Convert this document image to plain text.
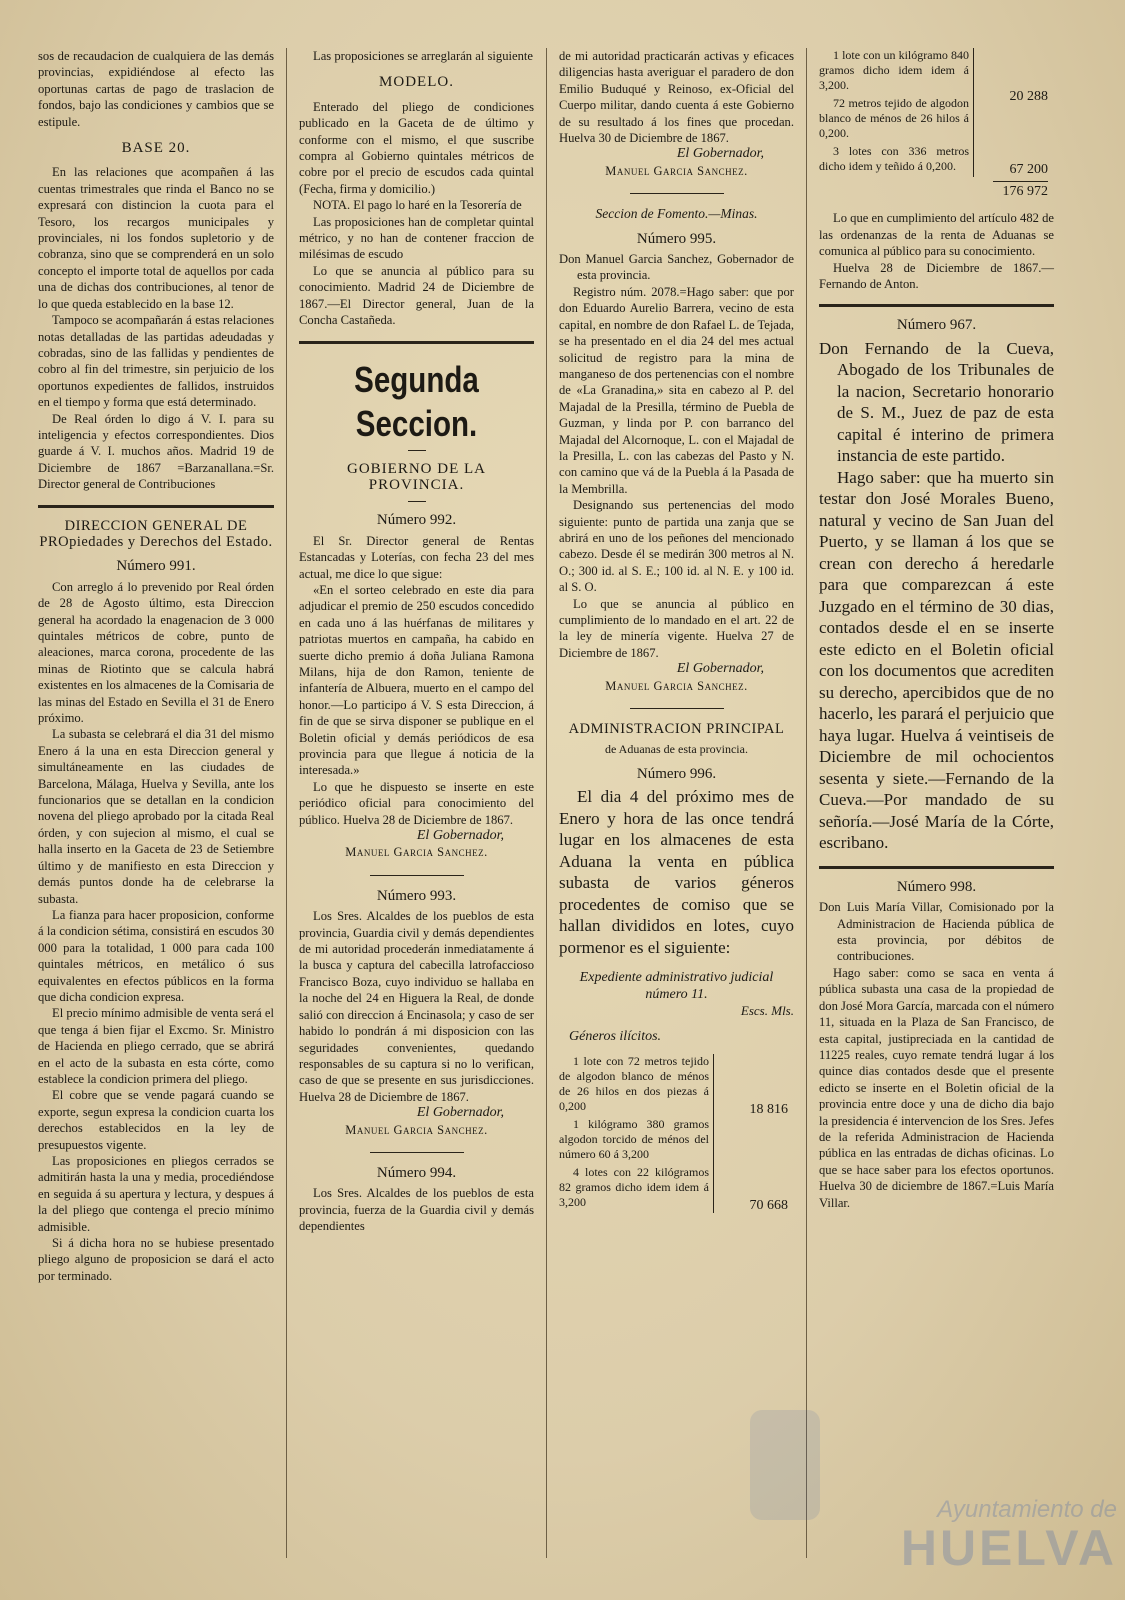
sos de recaudacion de cualquiera de las demás provincias, expidiéndose al efecto las oportunas cartas de pago de traslacion de fondos, bajo las condiciones y cambios que se estipule.

BASE 20.

En las relaciones que acompañen á las cuentas trimestrales que rinda el Banco no se expresará con distincion la cuota para el Tesoro, los recargos municipales y provinciales, ni los fondos supletorio y de cobranza, sino que se comprenderá en un solo concepto el importe total de aquellos por cada una de dichas dos contribuciones, al tenor de lo que queda establecido en la base 12.

Tampoco se acompañarán á estas relaciones notas detalladas de las partidas adeudadas y cobradas, sino de las fallidas y pendientes de cobro al fin del trimestre, sin perjuicio de los oportunos expedientes de fallidos, instruidos en el tiempo y forma que está determinado.

De Real órden lo digo á V. I. para su inteligencia y efectos correspondientes. Dios guarde á V. I. muchos años. Madrid 19 de Diciembre de 1867 =Barzanallana.=Sr. Director general de Contribuciones

DIRECCION GENERAL DE PROpiedades y Derechos del Estado.
Número 991.

Con arreglo á lo prevenido por Real órden de 28 de Agosto último, esta Direccion general ha acordado la enagenacion de 3 000 quintales métricos de cobre, punto de aleaciones, marca corona, procedente de las minas de Riotinto que se calcula habrá existentes en los almacenes de la Comisaria de las minas del Estado en Sevilla el 31 de Enero próximo.

La subasta se celebrará el dia 31 del mismo Enero á la una en esta Direccion general y simultáneamente en las ciudades de Barcelona, Málaga, Huelva y Sevilla, ante los funcionarios que se detallan en la condicion novena del pliego aprobado por la citada Real órden, y con sujecion al mismo, el cual se halla inserto en la Gaceta de 23 de Setiembre último y de manifiesto en esta Direccion y demás puntos donde ha de celebrarse la subasta.

La fianza para hacer proposicion, conforme á la condicion sétima, consistirá en escudos 30 000 para la totalidad, 1 000 para cada 100 quintales métricos, en metálico ó sus equivalentes en efectos públicos en la forma que dicha condicion expresa.

El precio mínimo admisible de venta será el que tenga á bien fijar el Excmo. Sr. Ministro de Hacienda en pliego cerrado, que se abrirá en el acto de la subasta en esta córte, como establece la condicion primera del pliego.

El cobre que se vende pagará cuando se exporte, segun expresa la condicion cuarta los derechos establecidos en la ley de presupuestos vigente.

Las proposiciones en pliegos cerrados se admitirán hasta la una y media, procediéndose en seguida á su apertura y lectura, y despues á la del pliego que contenga el precio mínimo admisible.

Si á dicha hora no se hubiese presentado pliego alguno de proposicion se dará el acto por terminado.

Las proposiciones se arreglarán al siguiente

MODELO.

Enterado del pliego de condiciones publicado en la Gaceta de de último y conforme con el mismo, el que suscribe compra al Gobierno quintales métricos de cobre por el precio de escudos cada quintal (Fecha, firma y domicilio.)

NOTA. El pago lo haré en la Tesorería de

Las proposiciones han de completar quintal métrico, y no han de contener fraccion de milésimas de escudo

Lo que se anuncia al público para su conocimiento. Madrid 24 de Diciembre de 1867.—El Director general, Juan de la Concha Castañeda.

Segunda Seccion.
GOBIERNO DE LA PROVINCIA.
Número 992.

El Sr. Director general de Rentas Estancadas y Loterías, con fecha 23 del mes actual, me dice lo que sigue:

«En el sorteo celebrado en este dia para adjudicar el premio de 250 escudos concedido en cada uno á las huérfanas de militares y patriotas muertos en campaña, ha cabido en suerte dicho premio á doña Juliana Ramona Milans, hija de don Ramon, teniente de infantería de Albuera, muerto en el campo del honor.—Lo participo á V. S esta Direccion, á fin de que se sirva disponer se publique en el Boletin oficial y demás periódicos de esa provincia para que llegue á noticia de la interesada.»

Lo que he dispuesto se inserte en este periódico oficial para conocimiento del público. Huelva 28 de Diciembre de 1867.

El Gobernador,
Manuel Garcia Sanchez.
Número 993.

Los Sres. Alcaldes de los pueblos de esta provincia, Guardia civil y demás dependientes de mi autoridad procederán inmediatamente á la busca y captura del cabecilla latrofaccioso Francisco Boza, cuyo individuo se hallaba en la noche del 24 en Higuera la Real, de donde salió con direccion á Encinasola; y caso de ser habido lo pondrán á mi disposicion con las seguridades convenientes, quedando responsables de su captura si no lo verifican, caso de que se presente en sus jurisdicciones. Huelva 28 de Diciembre de 1867.

El Gobernador,
Manuel Garcia Sanchez.
Número 994.

Los Sres. Alcaldes de los pueblos de esta provincia, fuerza de la Guardia civil y demás dependientes

de mi autoridad practicarán activas y eficaces diligencias hasta averiguar el paradero de don Emilio Buduqué y Reinoso, ex-Oficial del Cuerpo militar, dando cuenta á este Gobierno de su resultado á los fines que procedan. Huelva 30 de Diciembre de 1867.

El Gobernador,
Manuel Garcia Sanchez.
Seccion de Fomento.—Minas.
Número 995.

Don Manuel Garcia Sanchez, Gobernador de esta provincia.

Registro núm. 2078.=Hago saber: que por don Eduardo Aurelio Barrera, vecino de esta capital, en nombre de don Rafael L. de Tejada, se ha presentado en el dia 24 del mes actual solicitud de registro para la mina de manganeso de dos pertenencias con el nombre de «La Granadina,» sita en cabezo al P. del Majadal de la Presilla, término de Puebla de Guzman, y linda por P. con barranco del Majadal del Alcornoque, L. con el Majadal de la Presilla, L. con las cabezas del Pasto y N. con camino que vá de la Puebla á la Pasada de la Membrilla.

Designando sus pertenencias del modo siguiente: punto de partida una zanja que se abrirá en uno de los peñones del mencionado cabezo. Desde él se medirán 300 metros al N. O.; 300 id. al S. E.; 100 id. al N. E. y 100 id. al S. O.

Lo que se anuncia al público en cumplimiento de lo mandado en el art. 22 de la ley de minería vigente. Huelva 27 de Diciembre de 1867.

El Gobernador,
Manuel Garcia Sanchez.
ADMINISTRACION PRINCIPAL
de Aduanas de esta provincia.
Número 996.

El dia 4 del próximo mes de Enero y hora de las once tendrá lugar en los almacenes de esta Aduana la venta en pública subasta de varios géneros procedentes de comiso que se hallan divididos en lotes, cuyo pormenor es el siguiente:

Expediente administrativo judicial número 11.
Escs. Mls.
Géneros ilícitos.

1 lote con 72 metros tejido de algodon blanco de ménos de 26 hilos en dos piezas á 0,200

1 kilógramo 380 gramos algodon torcido de ménos del número 60 á 3,200

18 816

4 lotes con 22 kilógramos 82 gramos dicho idem idem á 3,200	70 668

1 lote con un kilógramo 840 gramos dicho idem idem á 3,200.

72 metros tejido de algodon blanco de ménos de 26 hilos á 0,200.

20 288

3 lotes con 336 metros dicho idem y teñido á 0,200.	67 200
176 972

Lo que en cumplimiento del artículo 482 de las ordenanzas de la renta de Aduanas se comunica al público para su conocimiento.

Huelva 28 de Diciembre de 1867.—Fernando de Anton.

Número 967.

Don Fernando de la Cueva, Abogado de los Tribunales de la nacion, Secretario honorario de S. M., Juez de paz de esta capital é interino de primera instancia de este partido.

Hago saber: que ha muerto sin testar don José Morales Bueno, natural y vecino de San Juan del Puerto, y se llaman á los que se crean con derecho á heredarle para que comparezcan á este Juzgado en el término de 30 dias, contados desde el en se inserte este edicto en el Boletin oficial con los documentos que acrediten su derecho, apercibidos que de no hacerlo, les parará el perjuicio que haya lugar. Huelva á veintiseis de Diciembre de mil ochocientos sesenta y siete.—Fernando de la Cueva.—Por mandado de su señoría.—José María de la Córte, escribano.

Número 998.

Don Luis María Villar, Comisionado por la Administracion de Hacienda pública de esta provincia, por débitos de contribuciones.

Hago saber: como se saca en venta á pública subasta una casa de la propiedad de don José Mora García, marcada con el número 11, situada en la Plaza de San Francisco, de esta capital, justipreciada en la cantidad de 11225 reales, cuyo remate tendrá lugar á los quince dias contados desde que el presente edicto se inserte en el Boletin oficial de la provincia entre doce y una de dicho dia bajo la presidencia é intervencion de los Sres. Jefes de la referida Administracion de Hacienda pública en las entradas de dichas oficinas. Lo que se hace saber para los efectos oportunos. Huelva 30 de diciembre de 1867.=Luis María Villar.

Ayuntamiento de
HUELVA
